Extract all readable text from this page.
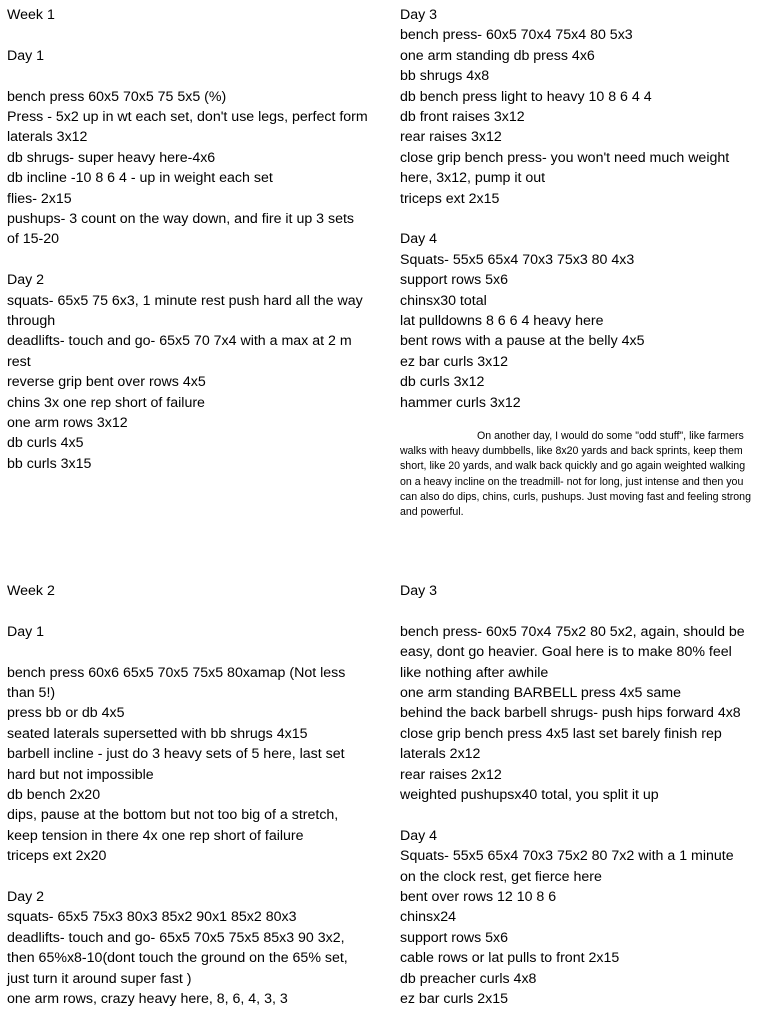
Week 1
Day 1
bench press 60x5 70x5 75 5x5 (%)
Press - 5x2 up in wt each set, don't use legs, perfect form
laterals 3x12
db shrugs- super heavy here-4x6
db incline -10 8 6 4 - up in weight each set
flies- 2x15
pushups- 3 count on the way down, and fire it up 3 sets of 15-20
Day 2
squats- 65x5 75 6x3, 1 minute rest push hard all the way through
deadlifts- touch and go- 65x5 70 7x4 with a max at 2 m rest
reverse grip bent over rows 4x5
chins 3x one rep short of failure
one arm rows 3x12
db curls 4x5
bb curls 3x15
Day 3
bench press- 60x5 70x4 75x4 80 5x3
one arm standing db press 4x6
bb shrugs 4x8
db bench press light to heavy 10 8 6 4 4
db front raises 3x12
rear raises 3x12
close grip bench press- you won't need much weight here, 3x12, pump it out
triceps ext 2x15
Day 4
Squats- 55x5 65x4 70x3 75x3 80 4x3
support rows 5x6
chinsx30 total
lat pulldowns 8 6 6 4 heavy here
bent rows with a pause at the belly 4x5
ez bar curls 3x12
db curls 3x12
hammer curls 3x12
On another day, I would do some "odd stuff", like farmers walks with heavy dumbbells, like 8x20 yards and back sprints, keep them short, like 20 yards, and walk back quickly and go again weighted walking on a heavy incline on the treadmill- not for long, just intense and then you can also do dips, chins, curls, pushups. Just moving fast and feeling strong and powerful.
Week 2
Day 1
bench press 60x6 65x5 70x5 75x5 80xamap (Not less than 5!)
press bb or db 4x5
seated laterals supersetted with bb shrugs 4x15
barbell incline - just do 3 heavy sets of 5 here, last set hard but not impossible
db bench 2x20
dips, pause at the bottom but not too big of a stretch, keep tension in there 4x one rep short of failure
triceps ext 2x20
Day 2
squats- 65x5 75x3 80x3 85x2 90x1 85x2 80x3
deadlifts- touch and go- 65x5 70x5 75x5 85x3 90 3x2, then 65%x8-10(dont touch the ground on the 65% set, just turn it around super fast )
one arm rows, crazy heavy here, 8, 6, 4, 3, 3
Day 3
bench press- 60x5 70x4 75x2 80 5x2, again, should be easy, dont go heavier. Goal here is to make 80% feel like nothing after awhile
one arm standing BARBELL press 4x5 same
behind the back barbell shrugs- push hips forward 4x8
close grip bench press 4x5 last set barely finish rep
laterals 2x12
rear raises 2x12
weighted pushupsx40 total, you split it up
Day 4
Squats- 55x5 65x4 70x3 75x2 80 7x2 with a 1 minute on the clock rest, get fierce here
bent over rows 12 10 8 6
chinsx24
support rows 5x6
cable rows or lat pulls to front 2x15
db preacher curls 4x8
ez bar curls 2x15
